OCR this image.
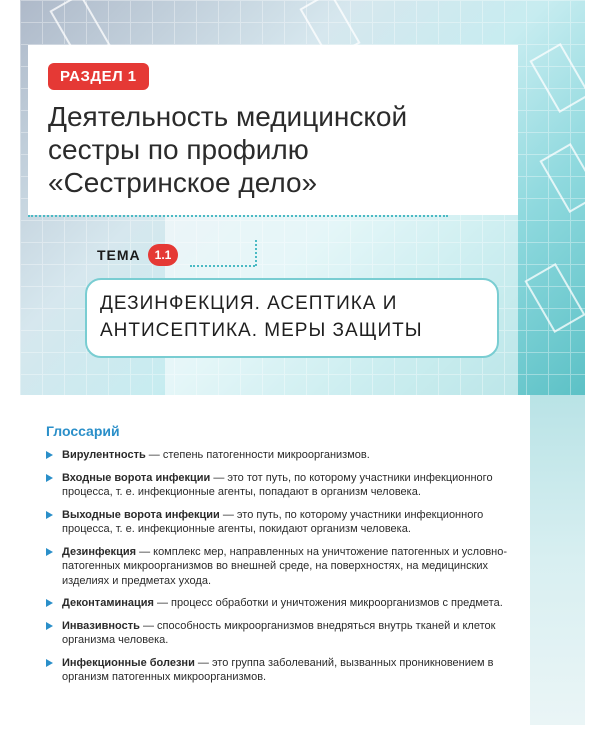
РАЗДЕЛ 1
Деятельность медицинской сестры по профилю «Сестринское дело»
ТЕМА	1.1
ДЕЗИНФЕКЦИЯ. АСЕПТИКА И АНТИСЕПТИКА. МЕРЫ ЗАЩИТЫ
Глоссарий
Вирулентность — степень патогенности микроорганизмов.
Входные ворота инфекции — это тот путь, по которому участники инфекционного процесса, т. е. инфекционные агенты, попадают в организм человека.
Выходные ворота инфекции — это путь, по которому участники инфекционного процесса, т. е. инфекционные агенты, покидают организм человека.
Дезинфекция — комплекс мер, направленных на уничтожение патогенных и условно-патогенных микроорганизмов во внешней среде, на поверхностях, на медицинских изделиях и предметах ухода.
Деконтаминация — процесс обработки и уничтожения микроорганизмов с предмета.
Инвазивность — способность микроорганизмов внедряться внутрь тканей и клеток организма человека.
Инфекционные болезни — это группа заболеваний, вызванных проникновением в организм патогенных микроорганизмов.
